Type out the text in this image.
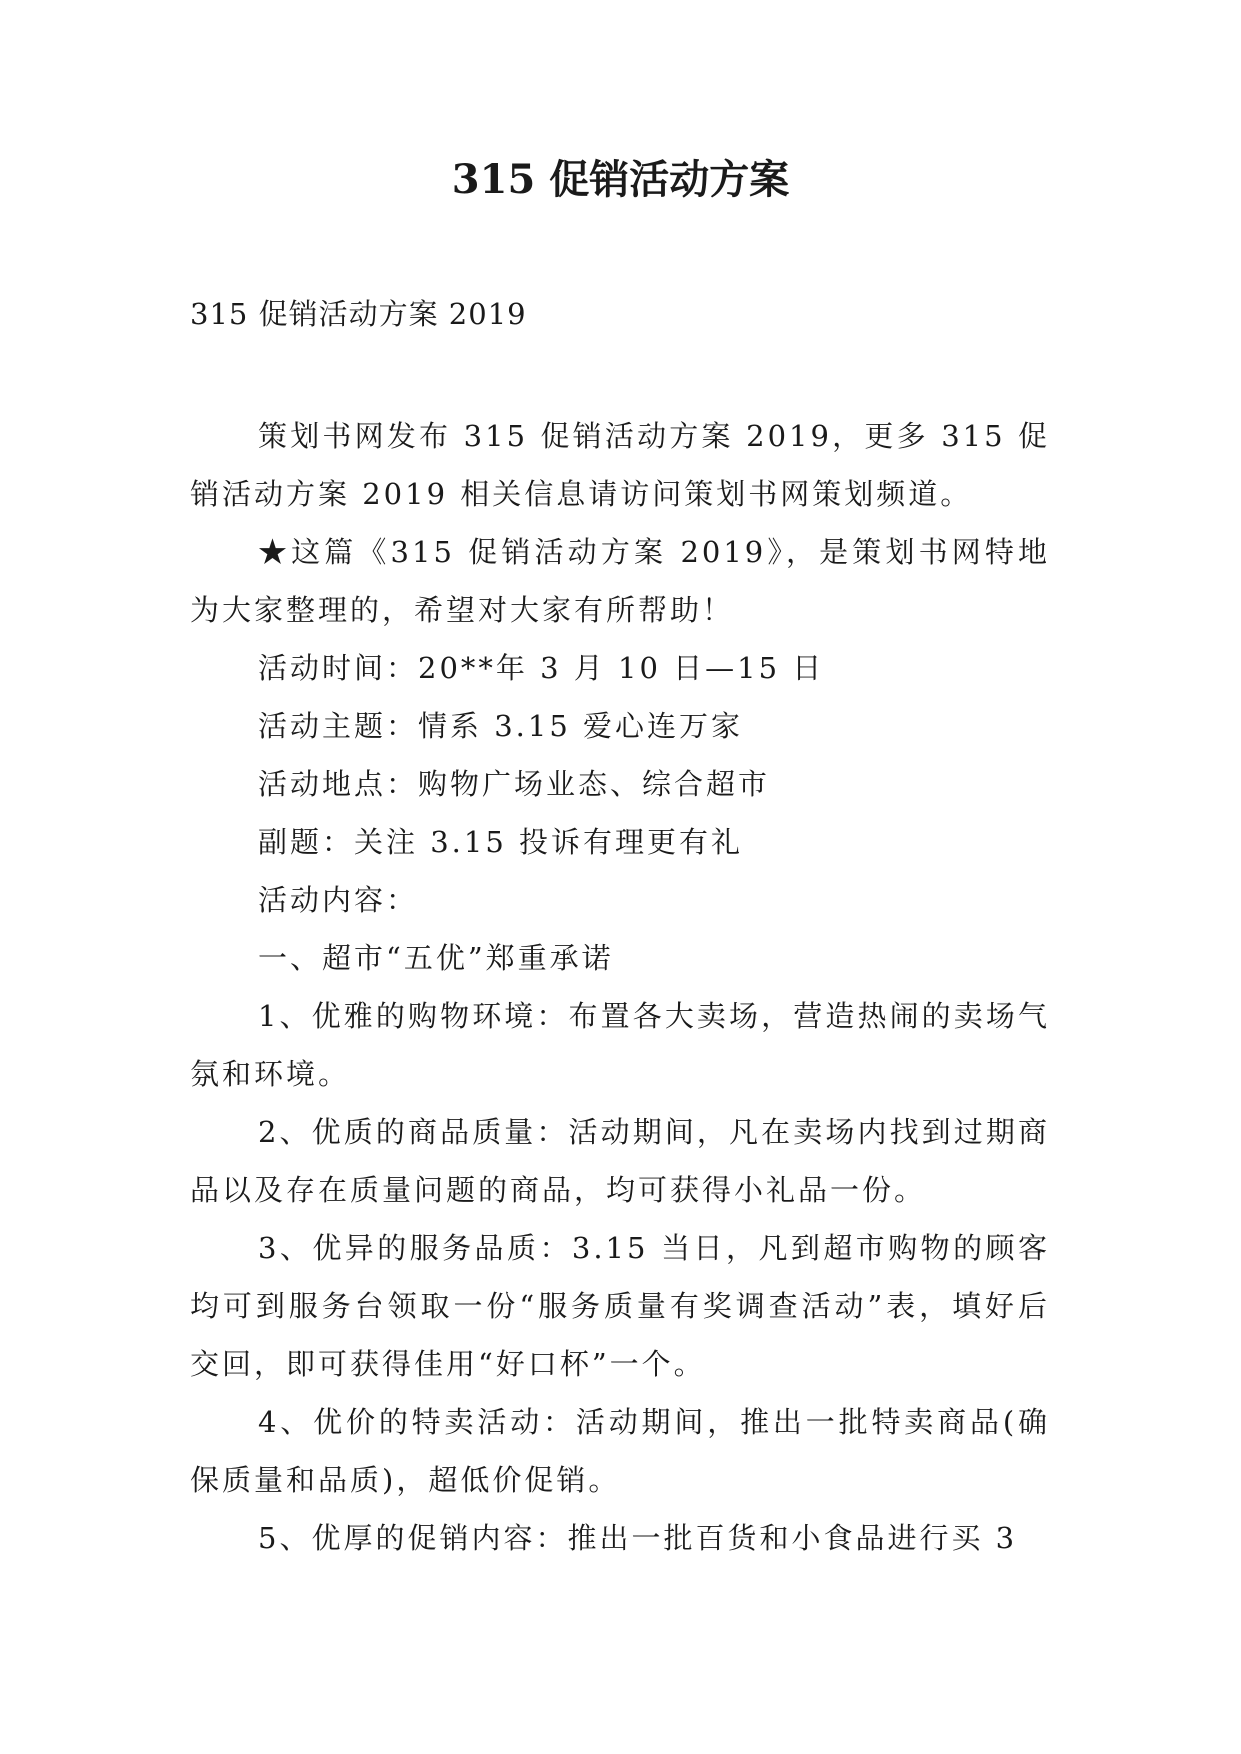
315 促销活动方案

315 促销活动方案 2019

策划书网发布 315 促销活动方案 2019，更多 315 促销活动方案 2019 相关信息请访问策划书网策划频道。

★这篇《315 促销活动方案 2019》，是策划书网特地为大家整理的，希望对大家有所帮助！

活动时间：20**年 3 月 10 日—15 日

活动主题：情系 3.15 爱心连万家

活动地点：购物广场业态、综合超市

副题：关注 3.15 投诉有理更有礼

活动内容：

一、超市“五优”郑重承诺

1、优雅的购物环境：布置各大卖场，营造热闹的卖场气氛和环境。

2、优质的商品质量：活动期间，凡在卖场内找到过期商品以及存在质量问题的商品，均可获得小礼品一份。

3、优异的服务品质：3.15 当日，凡到超市购物的顾客均可到服务台领取一份“服务质量有奖调查活动”表，填好后交回，即可获得佳用“好口杯”一个。

4、优价的特卖活动：活动期间，推出一批特卖商品(确保质量和品质)，超低价促销。

5、优厚的促销内容：推出一批百货和小食品进行买 3
